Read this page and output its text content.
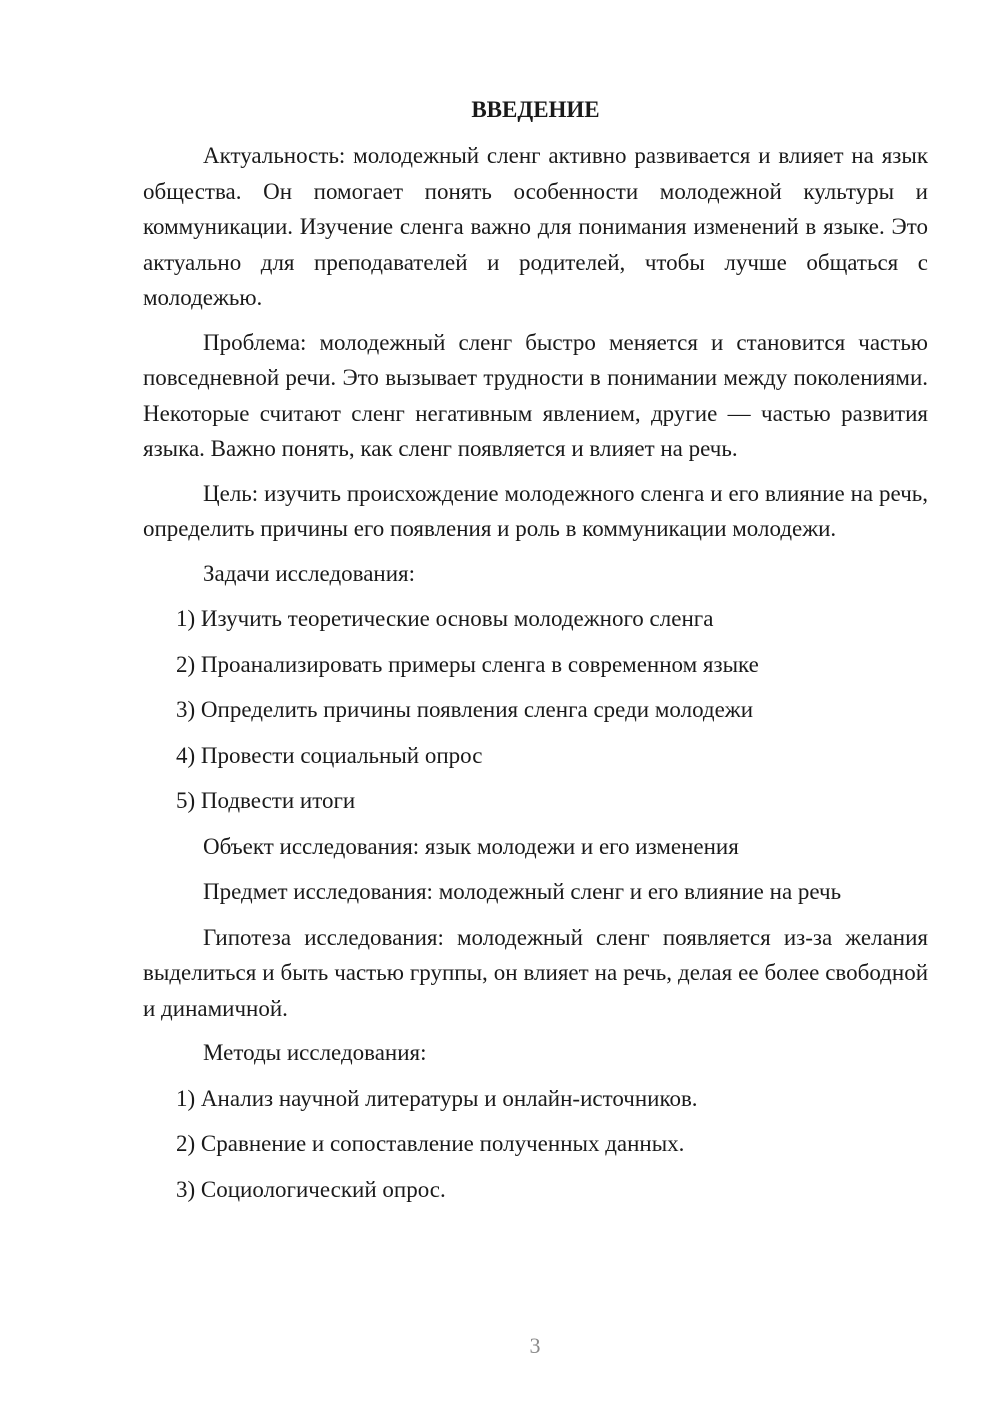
ВВЕДЕНИЕ

Актуальность: молодежный сленг активно развивается и влияет на язык общества. Он помогает понять особенности молодежной культуры и коммуникации. Изучение сленга важно для понимания изменений в языке. Это актуально для преподавателей и родителей, чтобы лучше общаться с молодежью.

Проблема: молодежный сленг быстро меняется и становится частью повседневной речи. Это вызывает трудности в понимании между поколениями. Некоторые считают сленг негативным явлением, другие — частью развития языка. Важно понять, как сленг появляется и влияет на речь.

Цель: изучить происхождение молодежного сленга и его влияние на речь, определить причины его появления и роль в коммуникации молодежи.

Задачи исследования:
1) Изучить теоретические основы молодежного сленга
2) Проанализировать примеры сленга в современном языке
3) Определить причины появления сленга среди молодежи
4) Провести социальный опрос
5) Подвести итоги
Объект исследования: язык молодежи и его изменения
Предмет исследования: молодежный сленг и его влияние на речь

Гипотеза исследования: молодежный сленг появляется из-за желания выделиться и быть частью группы, он влияет на речь, делая ее более свободной и динамичной.

Методы исследования:
1) Анализ научной литературы и онлайн-источников.
2) Сравнение и сопоставление полученных данных.
3) Социологический опрос.
3
